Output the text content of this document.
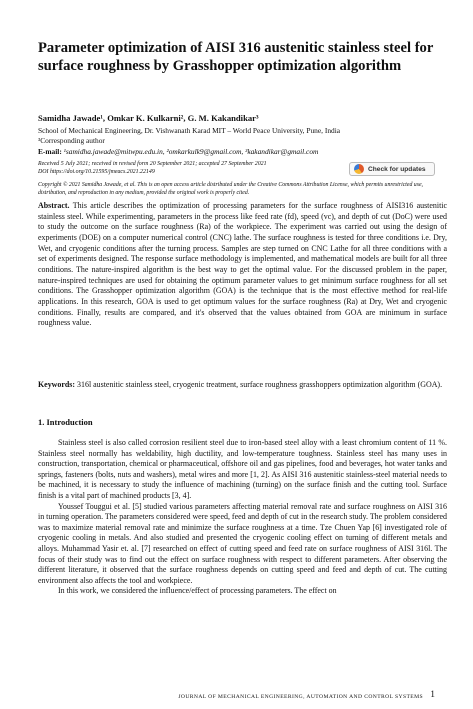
Parameter optimization of AISI 316 austenitic stainless steel for surface roughness by Grasshopper optimization algorithm
Samidha Jawade¹, Omkar K. Kulkarni², G. M. Kakandikar³
School of Mechanical Engineering, Dr. Vishwanath Karad MIT – World Peace University, Pune, India
³Corresponding author
E-mail: ¹samidha.jawade@mitwpu.edu.in, ²omkarkulk9@gmail.com, ³kakandikar@gmail.com
Received 5 July 2021; received in revised form 20 September 2021; accepted 27 September 2021
DOI https://doi.org/10.21595/jmeacs.2021.22149	Check for updates
Copyright © 2021 Samidha Jawade, et al. This is an open access article distributed under the Creative Commons Attribution License, which permits unrestricted use, distribution, and reproduction in any medium, provided the original work is properly cited.

Abstract. This article describes the optimization of processing parameters for the surface roughness of AISI316 austenitic stainless steel. While experimenting, parameters in the process like feed rate (fd), speed (vc), and depth of cut (DoC) were used to study the outcome on the surface roughness (Ra) of the workpiece. The experiment was carried out using the design of experiments (DOE) on a computer numerical control (CNC) lathe. The surface roughness is tested for three conditions i.e. Dry, Wet, and cryogenic conditions after the turning process. Samples are step turned on CNC Lathe for all three conditions with a set of experiments designed. The response surface methodology is implemented, and mathematical models are built for all three conditions. The nature-inspired algorithm is the best way to get the optimal value. For the discussed problem in the paper, nature-inspired techniques are used for obtaining the optimum parameter values to get minimum surface roughness for all set conditions. The Grasshopper optimization algorithm (GOA) is the technique that is the most effective method for real-life applications. In this research, GOA is used to get optimum values for the surface roughness (Ra) at Dry, Wet and cryogenic conditions. Finally, results are compared, and it's observed that the values obtained from GOA are minimum in surface roughness value.

Keywords: 316l austenitic stainless steel, cryogenic treatment, surface roughness grasshoppers optimization algorithm (GOA).

1. Introduction

Stainless steel is also called corrosion resilient steel due to iron-based steel alloy with a least chromium content of 11 %. Stainless steel normally has weldability, high ductility, and low-temperature toughness. Stainless steel has many uses in construction, transportation, chemical or pharmaceutical, offshore oil and gas pipelines, food and beverages, hot water tanks and springs, fasteners (bolts, nuts and washers), metal wires and more [1, 2]. As AISI 316 austenitic stainless-steel material needs to be machined, it is necessary to study the influence of machining (turning) on the surface finish and the cutting tool. Surface finish is a vital part of machined products [3, 4].

Youssef Touggui et al. [5] studied various parameters affecting material removal rate and surface roughness on AISI 316 in turning operation. The parameters considered were speed, feed and depth of cut in the research study. The problem considered was to maximize material removal rate and minimize the surface roughness at a time. Tze Chuen Yap [6] investigated role of cryogenic cooling in metals. And also studied and presented the cryogenic cooling effect on turning of different metals and alloys. Muhammad Yasir et. al. [7] researched on effect of cutting speed and feed rate on surface roughness of AISI 316l. The focus of their study was to find out the effect on surface roughness with respect to different parameters. After observing the different literature, it observed that the surface roughness depends on cutting speed and feed and depth of cut. The cutting environment also affects the tool and workpiece.

In this work, we considered the influence/effect of processing parameters. The effect on

JOURNAL OF MECHANICAL ENGINEERING, AUTOMATION AND CONTROL SYSTEMS 1
